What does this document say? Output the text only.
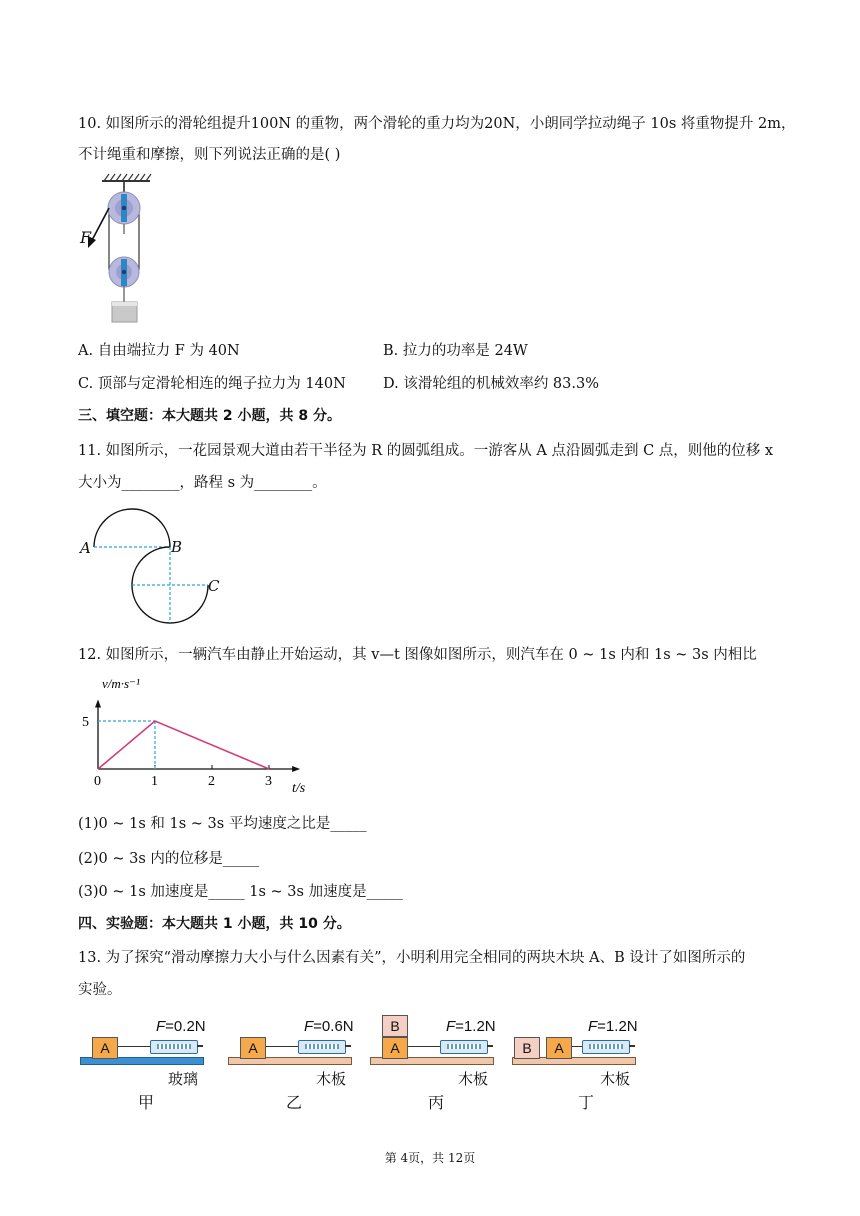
10. 如图所示的滑轮组提升100N 的重物，两个滑轮的重力均为20N，小朗同学拉动绳子 10s 将重物提升 2m，
不计绳重和摩擦，则下列说法正确的是( )
F
A. 自由端拉力 F 为 40N	B. 拉力的功率是 24W
C. 顶部与定滑轮相连的绳子拉力为 140N	D. 该滑轮组的机械效率约 83.3%
三、填空题：本大题共 2 小题，共 8 分。
11. 如图所示，一花园景观大道由若干半径为 R 的圆弧组成。一游客从 A 点沿圆弧走到 C 点，则他的位移 x
大小为________，路程 s 为________。
A	B
C
12. 如图所示，一辆汽车由静止开始运动，其 v—t 图像如图所示，则汽车在 0 ~ 1s 内和 1s ~ 3s 内相比
0	1	2	3
5
v/m·s⁻¹
t/s
(1)0 ~ 1s 和 1s ~ 3s 平均速度之比是_____
(2)0 ~ 3s 内的位移是_____
(3)0 ~ 1s 加速度是_____ 1s ~ 3s 加速度是_____
四、实验题：本大题共 1 小题，共 10 分。
13. 为了探究“滑动摩擦力大小与什么因素有关”，小明利用完全相同的两块木块 A、B 设计了如图所示的
实验。
A
F=0.2N
玻璃
甲
A
F=0.6N
木板
乙
A
B	F=1.2N
木板
丙
B	A
F=1.2N
木板
丁
第 4页，共 12页
